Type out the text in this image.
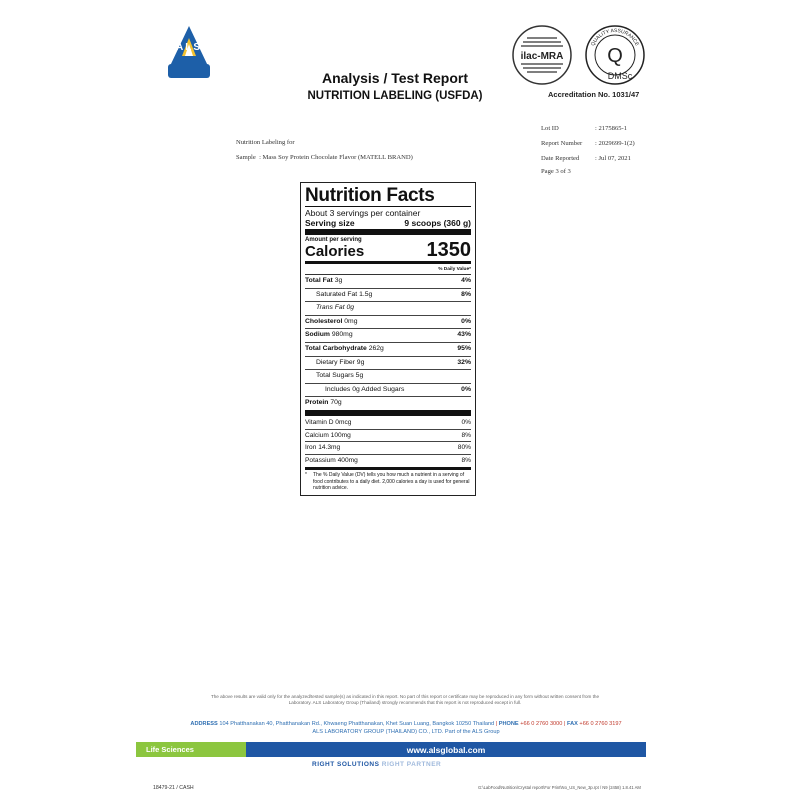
ALS
Analysis / Test Report
NUTRITION LABELING (USFDA)
ilac-MRA
QUALITY ASSURANCE
Q
DMSc
Accreditation No. 1031/47
Nutrition Labeling for
Sample : Mass Soy Protein Chocolate Flavor (MATELL BRAND)
Lot ID	: 2175865-1
Report Number : 2029699-1(2)
Date Reported : Jul 07, 2021
Page 3 of 3
Nutrition Facts
About 3 servings per container
Serving size	9 scoops (360 g)
Amount per serving
Calories	1350
% Daily Value*
Total Fat 3g	4%
Saturated Fat 1.5g	8%
Trans Fat 0g
Cholesterol 0mg	0%
Sodium 980mg	43%
Total Carbohydrate 262g	95%
Dietary Fiber 9g	32%
Total Sugars 5g
Includes 0g Added Sugars	0%
Protein 70g
Vitamin D 0mcg	0%
Calcium 100mg	8%
Iron 14.3mg	80%
Potassium 400mg	8%
*	The % Daily Value (DV) tells you how much a nutrient in a serving of food contributes to a daily diet. 2,000 calories a day is used for general nutrition advice.
The above results are valid only for the analyzed/tested sample(s) as indicated in this report. No part of this report or certificate may be reproduced in any form without written consent from the Laboratory. ALS Laboratory Group (Thailand) strongly recommends that this report is not reproduced except in full.
ADDRESS 104 Phatthanakan 40, Phatthanakan Rd., Khwaeng Phatthanakan, Khet Suan Luang, Bangkok 10250 Thailand | PHONE +66 0 2760 3000 | FAX +66 0 2760 3197
ALS LABORATORY GROUP (THAILAND) CO., LTD. Part of the ALS Group
Life Sciences	www.alsglobal.com
RIGHT SOLUTIONS RIGHT PARTNER
18479-21 / CASH	G:\LabFood\Nutrition\Crystal report\For Print\No_US_New_3p.rpt / N9 (2458) 1.8.41 AM
